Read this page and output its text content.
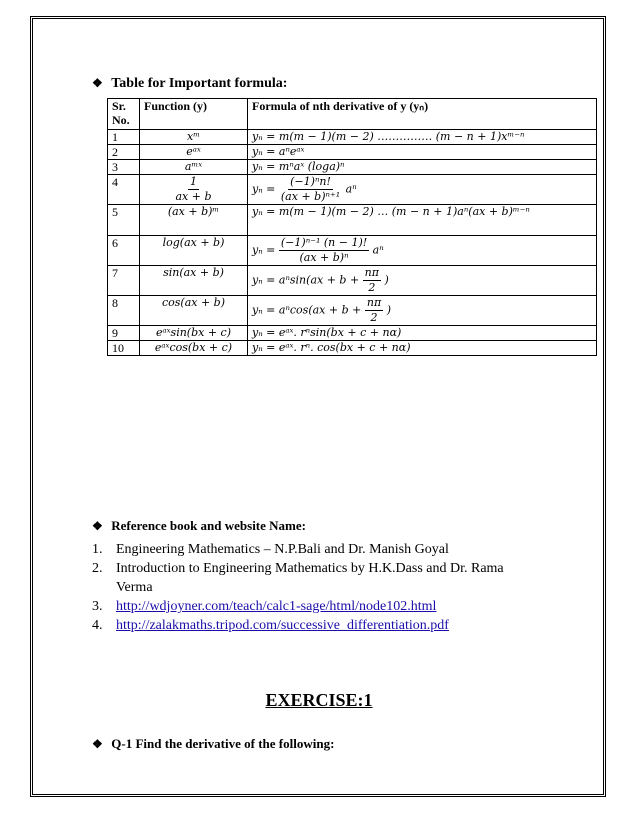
❖ Table for Important formula:
Sr. No.	Function (y)	Formula of nth derivative of y (yₙ)
1	xᵐ	yₙ = m(m − 1)(m − 2) …………… (m − n + 1)xᵐ⁻ⁿ
2	eᵃˣ	yₙ = aⁿeᵃˣ
3	aᵐˣ	yₙ = mⁿaˣ (loga)ⁿ
4	$\frac{1}{ax + b}$	$y_n = \frac{\text{(−1)ⁿn!}}{\text{(ax + b)ⁿ⁺¹}}$ aⁿ
5	(ax + b)ᵐ	yₙ = m(m − 1)(m − 2) … (m − n + 1)aⁿ(ax + b)ᵐ⁻ⁿ
6	log(ax + b)	$y_n = \frac{\text{(−1)ⁿ⁻¹ (n − 1)!}}{\text{(ax + b)ⁿ}}$ aⁿ
7	sin(ax + b)	$y_n = a^n\sin(ax + b + \frac{n\pi}{2}$ )
8	cos(ax + b)	$y_n = a^n\cos(ax + b + \frac{n\pi}{2}$ )
9	eᵃˣsin(bx + c)	yₙ = eᵃˣ. rⁿsin(bx + c + nα)
10	eᵃˣcos(bx + c)	yₙ = eᵃˣ. rⁿ. cos(bx + c + nα)
❖ Reference book and website Name:
1. Engineering Mathematics – N.P.Bali and Dr. Manish Goyal
2. Introduction to Engineering Mathematics by H.K.Dass and Dr. Rama Verma
3. http://wdjoyner.com/teach/calc1-sage/html/node102.html
4. http://zalakmaths.tripod.com/successive_differentiation.pdf
EXERCISE:1
❖ Q-1 Find the derivative of the following:
